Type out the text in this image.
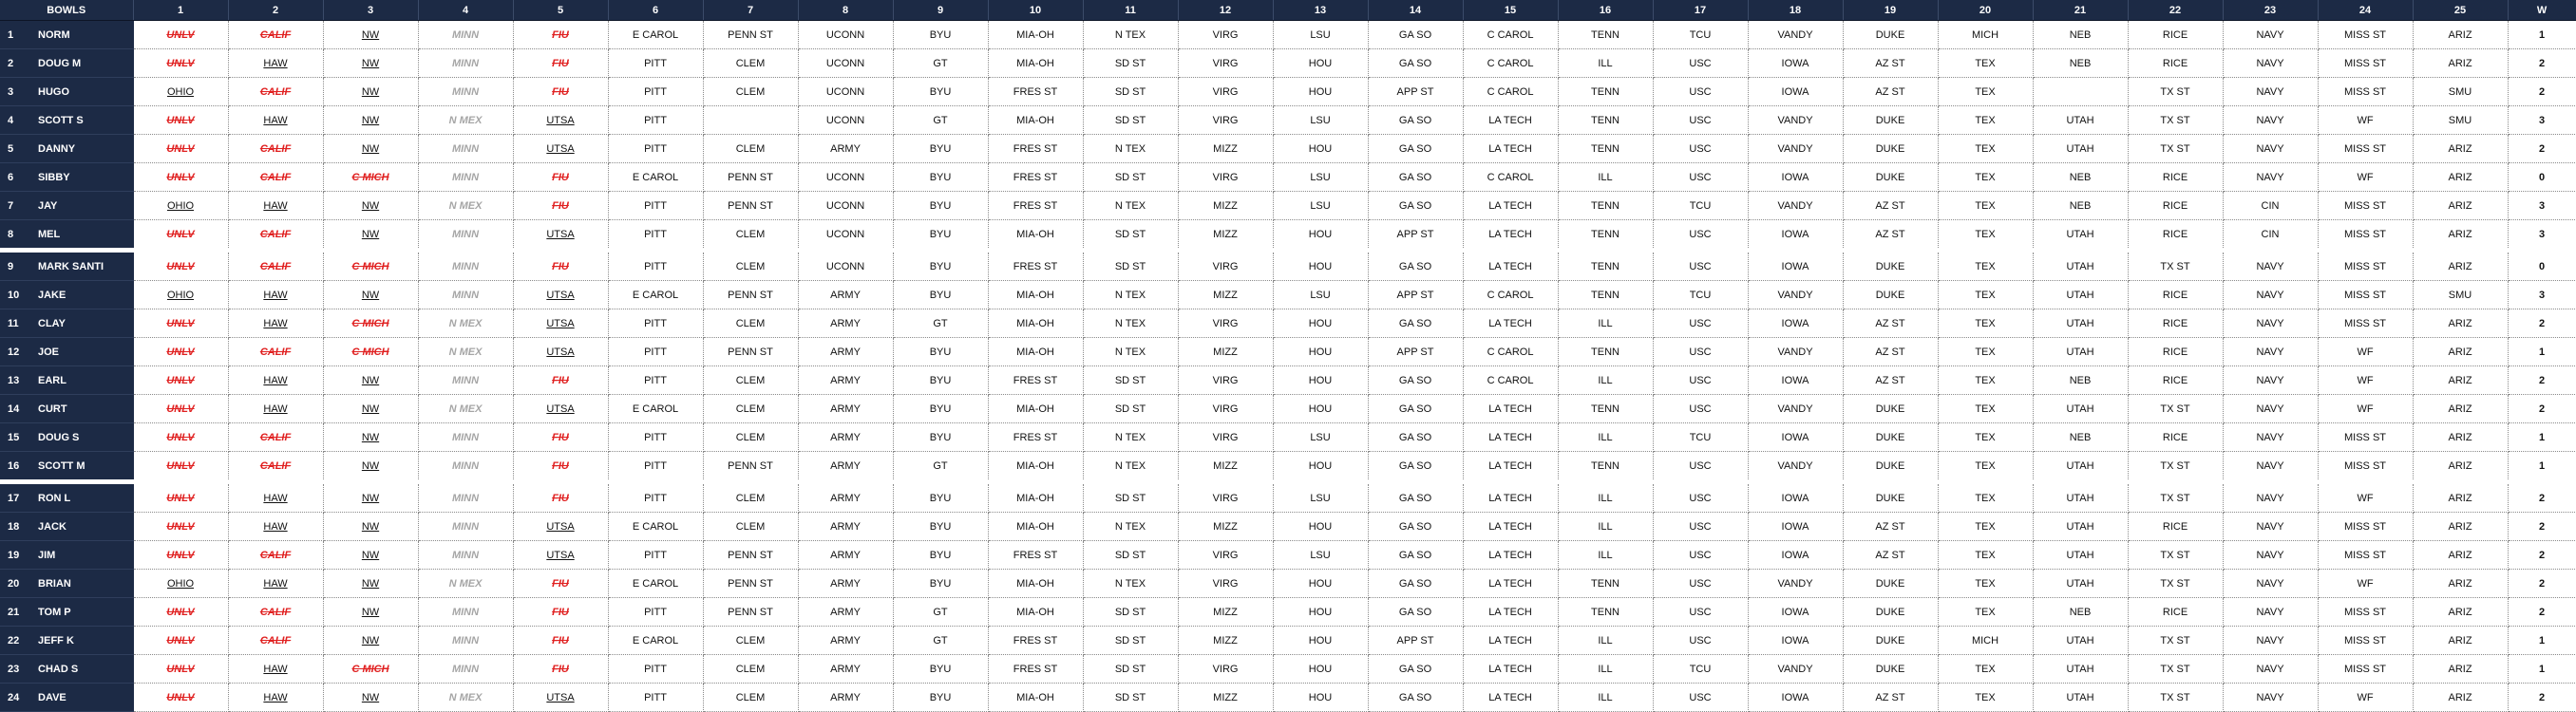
BOWLS		1	2	3	4	5	6	7	8	9	10	11	12	13	14	15	16	17	18	19	20	21	22	23	24	25	W
1	NORM	UNLV	CALIF	NW	MINN	FIU	E CAROL	PENN ST	UCONN	BYU	MIA-OH	N TEX	VIRG	LSU	GA SO	C CAROL	TENN	TCU	VANDY	DUKE	MICH	NEB	RICE	NAVY	MISS ST	ARIZ	1
2	DOUG M	UNLV	HAW	NW	MINN	FIU	PITT	CLEM	UCONN	GT	MIA-OH	SD ST	VIRG	HOU	GA SO	C CAROL	ILL	USC	IOWA	AZ ST	TEX	NEB	RICE	NAVY	MISS ST	ARIZ	2
3	HUGO	OHIO	CALIF	NW	MINN	FIU	PITT	CLEM	UCONN	BYU	FRES ST	SD ST	VIRG	HOU	APP ST	C CAROL	TENN	USC	IOWA	AZ ST	TEX		TX ST	NAVY	MISS ST	SMU	2
4	SCOTT S	UNLV	HAW	NW	N MEX	UTSA	PITT		UCONN	GT	MIA-OH	SD ST	VIRG	LSU	GA SO	LA TECH	TENN	USC	VANDY	DUKE	TEX	UTAH	TX ST	NAVY	WF	SMU	3
5	DANNY	UNLV	CALIF	NW	MINN	UTSA	PITT	CLEM	ARMY	BYU	FRES ST	N TEX	MIZZ	HOU	GA SO	LA TECH	TENN	USC	VANDY	DUKE	TEX	UTAH	TX ST	NAVY	MISS ST	ARIZ	2
6	SIBBY	UNLV	CALIF	C MICH	MINN	FIU	E CAROL	PENN ST	UCONN	BYU	FRES ST	SD ST	VIRG	LSU	GA SO	C CAROL	ILL	USC	IOWA	DUKE	TEX	NEB	RICE	NAVY	WF	ARIZ	0
7	JAY	OHIO	HAW	NW	N MEX	FIU	PITT	PENN ST	UCONN	BYU	FRES ST	N TEX	MIZZ	LSU	GA SO	LA TECH	TENN	TCU	VANDY	AZ ST	TEX	NEB	RICE	CIN	MISS ST	ARIZ	3
8	MEL	UNLV	CALIF	NW	MINN	UTSA	PITT	CLEM	UCONN	BYU	MIA-OH	SD ST	MIZZ	HOU	APP ST	LA TECH	TENN	USC	IOWA	AZ ST	TEX	UTAH	RICE	CIN	MISS ST	ARIZ	3
9	MARK SANTI	UNLV	CALIF	C MICH	MINN	FIU	PITT	CLEM	UCONN	BYU	FRES ST	SD ST	VIRG	HOU	GA SO	LA TECH	TENN	USC	IOWA	DUKE	TEX	UTAH	TX ST	NAVY	MISS ST	ARIZ	0
10	JAKE	OHIO	HAW	NW	MINN	UTSA	E CAROL	PENN ST	ARMY	BYU	MIA-OH	N TEX	MIZZ	LSU	APP ST	C CAROL	TENN	TCU	VANDY	DUKE	TEX	UTAH	RICE	NAVY	MISS ST	SMU	3
11	CLAY	UNLV	HAW	C MICH	N MEX	UTSA	PITT	CLEM	ARMY	GT	MIA-OH	N TEX	VIRG	HOU	GA SO	LA TECH	ILL	USC	IOWA	AZ ST	TEX	UTAH	RICE	NAVY	MISS ST	ARIZ	2
12	JOE	UNLV	CALIF	C MICH	N MEX	UTSA	PITT	PENN ST	ARMY	BYU	MIA-OH	N TEX	MIZZ	HOU	APP ST	C CAROL	TENN	USC	VANDY	AZ ST	TEX	UTAH	RICE	NAVY	WF	ARIZ	1
13	EARL	UNLV	HAW	NW	MINN	FIU	PITT	CLEM	ARMY	BYU	FRES ST	SD ST	VIRG	HOU	GA SO	C CAROL	ILL	USC	IOWA	AZ ST	TEX	NEB	RICE	NAVY	WF	ARIZ	2
14	CURT	UNLV	HAW	NW	N MEX	UTSA	E CAROL	CLEM	ARMY	BYU	MIA-OH	SD ST	VIRG	HOU	GA SO	LA TECH	TENN	USC	VANDY	DUKE	TEX	UTAH	TX ST	NAVY	WF	ARIZ	2
15	DOUG S	UNLV	CALIF	NW	MINN	FIU	PITT	CLEM	ARMY	BYU	FRES ST	N TEX	VIRG	LSU	GA SO	LA TECH	ILL	TCU	IOWA	DUKE	TEX	NEB	RICE	NAVY	MISS ST	ARIZ	1
16	SCOTT M	UNLV	CALIF	NW	MINN	FIU	PITT	PENN ST	ARMY	GT	MIA-OH	N TEX	MIZZ	HOU	GA SO	LA TECH	TENN	USC	VANDY	DUKE	TEX	UTAH	TX ST	NAVY	MISS ST	ARIZ	1
17	RON L	UNLV	HAW	NW	MINN	FIU	PITT	CLEM	ARMY	BYU	MIA-OH	SD ST	VIRG	LSU	GA SO	LA TECH	ILL	USC	IOWA	DUKE	TEX	UTAH	TX ST	NAVY	WF	ARIZ	2
18	JACK	UNLV	HAW	NW	MINN	UTSA	E CAROL	CLEM	ARMY	BYU	MIA-OH	N TEX	MIZZ	HOU	GA SO	LA TECH	ILL	USC	IOWA	AZ ST	TEX	UTAH	RICE	NAVY	MISS ST	ARIZ	2
19	JIM	UNLV	CALIF	NW	MINN	UTSA	PITT	PENN ST	ARMY	BYU	FRES ST	SD ST	VIRG	LSU	GA SO	LA TECH	ILL	USC	IOWA	AZ ST	TEX	UTAH	TX ST	NAVY	MISS ST	ARIZ	2
20	BRIAN	OHIO	HAW	NW	N MEX	FIU	E CAROL	PENN ST	ARMY	BYU	MIA-OH	N TEX	VIRG	HOU	GA SO	LA TECH	TENN	USC	VANDY	DUKE	TEX	UTAH	TX ST	NAVY	WF	ARIZ	2
21	TOM P	UNLV	CALIF	NW	MINN	FIU	PITT	PENN ST	ARMY	GT	MIA-OH	SD ST	MIZZ	HOU	GA SO	LA TECH	TENN	USC	IOWA	DUKE	TEX	NEB	RICE	NAVY	MISS ST	ARIZ	2
22	JEFF K	UNLV	CALIF	NW	MINN	FIU	E CAROL	CLEM	ARMY	GT	FRES ST	SD ST	MIZZ	HOU	APP ST	LA TECH	ILL	USC	IOWA	DUKE	MICH	UTAH	TX ST	NAVY	MISS ST	ARIZ	1
23	CHAD S	UNLV	HAW	C MICH	MINN	FIU	PITT	CLEM	ARMY	BYU	FRES ST	SD ST	VIRG	HOU	GA SO	LA TECH	ILL	TCU	VANDY	DUKE	TEX	UTAH	TX ST	NAVY	MISS ST	ARIZ	1
24	DAVE	UNLV	HAW	NW	N MEX	UTSA	PITT	CLEM	ARMY	BYU	MIA-OH	SD ST	MIZZ	HOU	GA SO	LA TECH	ILL	USC	IOWA	AZ ST	TEX	UTAH	TX ST	NAVY	WF	ARIZ	2
